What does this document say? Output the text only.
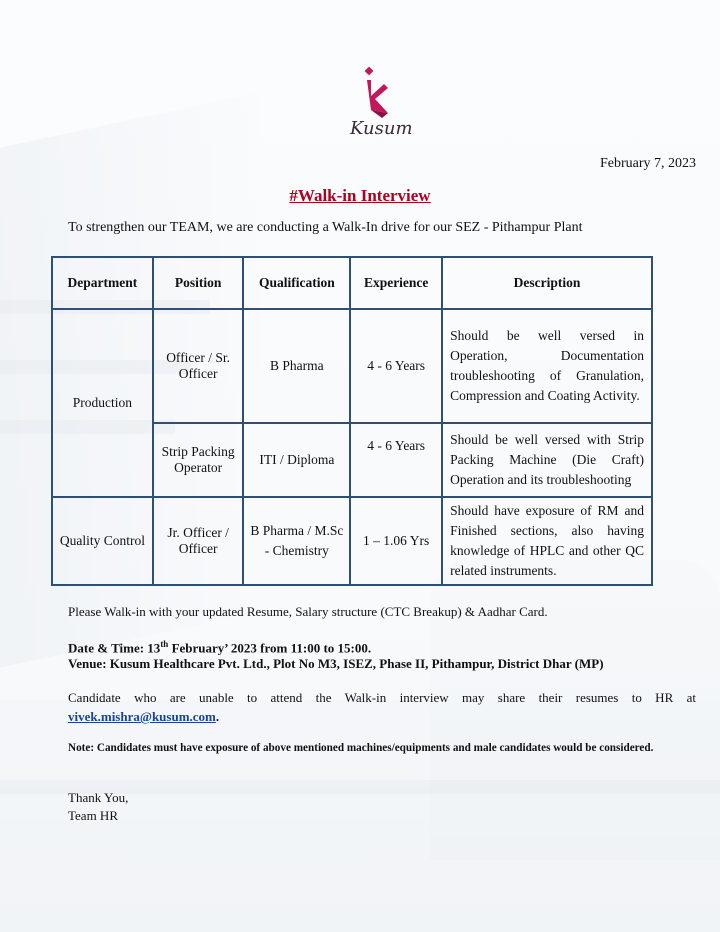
Kusum
February 7, 2023
#Walk-in Interview
To strengthen our TEAM, we are conducting a Walk-In drive for our SEZ - Pithampur Plant
Department	Position	Qualification	Experience	Description
Production	Officer / Sr. Officer	B Pharma	4 - 6 Years	Should be well versed in Operation, Documentation troubleshooting of Granulation, Compression and Coating Activity.
	Strip Packing Operator	ITI / Diploma	4 - 6 Years	Should be well versed with Strip Packing Machine (Die Craft) Operation and its troubleshooting
Quality Control	Jr. Officer / Officer	B Pharma / M.Sc - Chemistry	1 – 1.06 Yrs	Should have exposure of RM and Finished sections, also having knowledge of HPLC and other QC related instruments.
Please Walk-in with your updated Resume, Salary structure (CTC Breakup) & Aadhar Card.
Date & Time: 13th February’ 2023 from 11:00 to 15:00.
Venue: Kusum Healthcare Pvt. Ltd., Plot No M3, ISEZ, Phase II, Pithampur, District Dhar (MP)
Candidate who are unable to attend the Walk-in interview may share their resumes to HR at
vivek.mishra@kusum.com.
Note: Candidates must have exposure of above mentioned machines/equipments and male candidates would be considered.
Thank You,
Team HR
